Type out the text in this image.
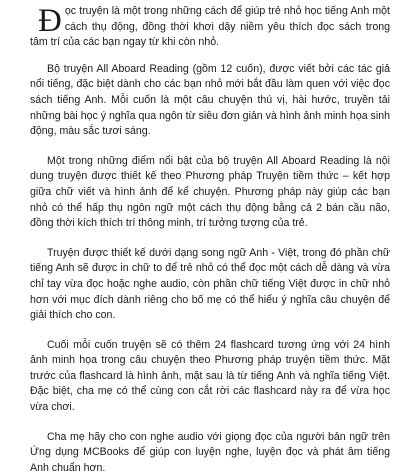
Đọc truyện là một trong những cách để giúp trẻ nhỏ học tiếng Anh một cách thụ động, đồng thời khơi dậy niềm yêu thích đọc sách trong tâm trí của các bạn ngay từ khi còn nhỏ.

Bộ truyện All Aboard Reading (gồm 12 cuốn), được viết bởi các tác giả nổi tiếng, đặc biệt dành cho các bạn nhỏ mới bắt đầu làm quen với việc đọc sách tiếng Anh. Mỗi cuốn là một câu chuyện thú vị, hài hước, truyền tải những bài học ý nghĩa qua ngôn từ siêu đơn giản và hình ảnh minh họa sinh động, màu sắc tươi sáng.

Một trong những điểm nổi bật của bộ truyện All Aboard Reading là nội dung truyện được thiết kế theo Phương pháp Truyện tiềm thức – kết hợp giữa chữ viết và hình ảnh để kể chuyện. Phương pháp này giúp các bạn nhỏ có thể hấp thụ ngôn ngữ một cách thụ động bằng cả 2 bán cầu não, đồng thời kích thích trí thông minh, trí tưởng tượng của trẻ.

Truyện được thiết kế dưới dạng song ngữ Anh - Việt, trong đó phần chữ tiếng Anh sẽ được in chữ to để trẻ nhỏ có thể đọc một cách dễ dàng và vừa chỉ tay vừa đọc hoặc nghe audio, còn phần chữ tiếng Việt được in chữ nhỏ hơn với mục đích dành riêng cho bố mẹ có thể hiểu ý nghĩa câu chuyện để giải thích cho con.

Cuối mỗi cuốn truyện sẽ có thêm 24 flashcard tương ứng với 24 hình ảnh minh họa trong câu chuyện theo Phương pháp truyện tiềm thức. Mặt trước của flashcard là hình ảnh, mặt sau là từ tiếng Anh và nghĩa tiếng Việt. Đặc biệt, cha mẹ có thể cùng con cắt rời các flashcard này ra để vừa học vừa chơi.

Cha mẹ hãy cho con nghe audio với giọng đọc của người bản ngữ trên Ứng dụng MCBooks để giúp con luyện nghe, luyện đọc và phát âm tiếng Anh chuẩn hơn.
